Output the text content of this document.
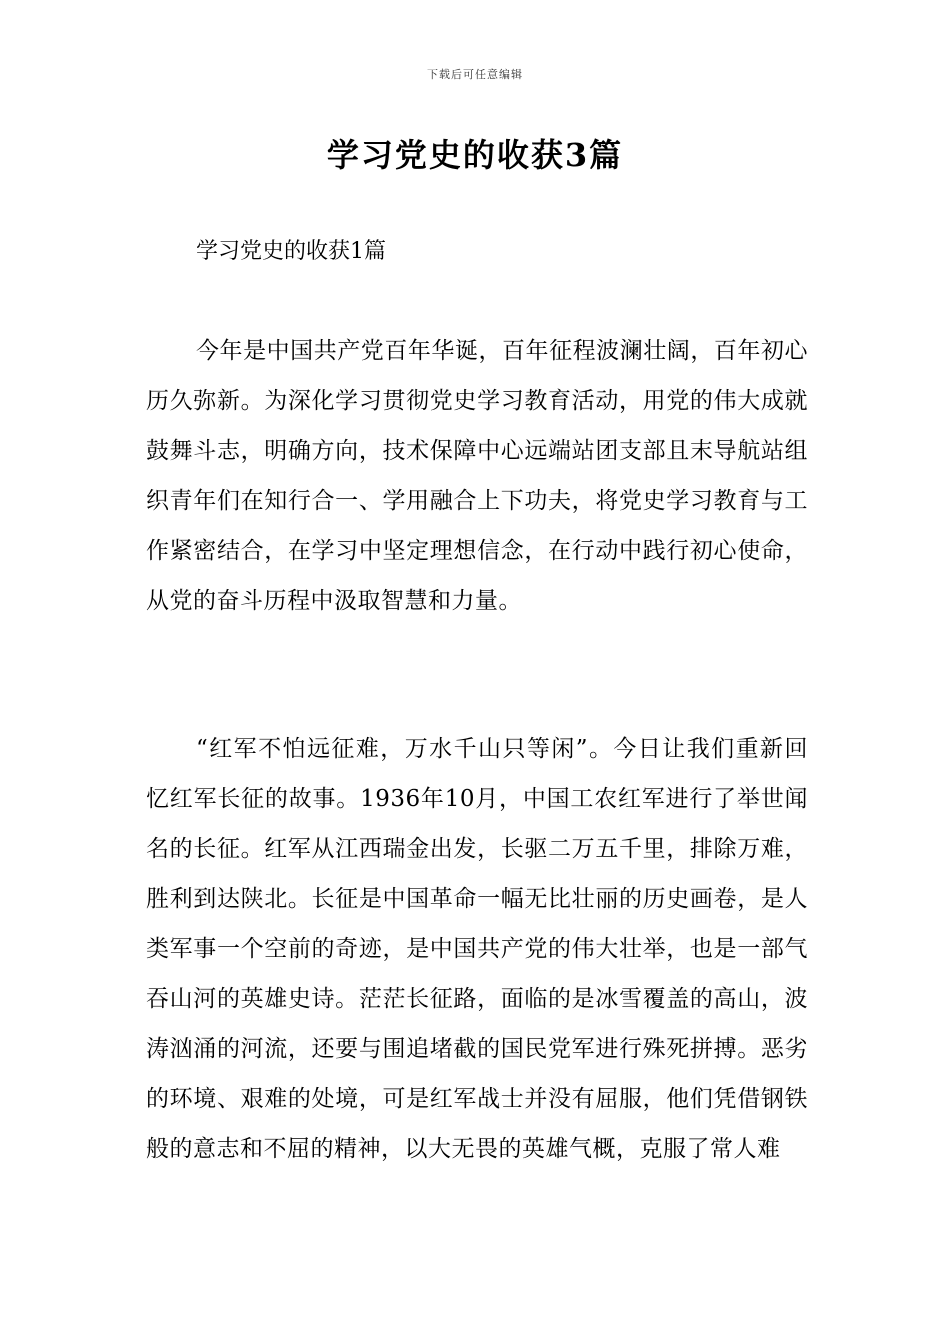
下载后可任意编辑
学习党史的收获3篇
学习党史的收获1篇

今年是中国共产党百年华诞，百年征程波澜壮阔，百年初心历久弥新。为深化学习贯彻党史学习教育活动，用党的伟大成就鼓舞斗志，明确方向，技术保障中心远端站团支部且末导航站组织青年们在知行合一、学用融合上下功夫，将党史学习教育与工作紧密结合，在学习中坚定理想信念，在行动中践行初心使命，从党的奋斗历程中汲取智慧和力量。

“红军不怕远征难，万水千山只等闲”。今日让我们重新回忆红军长征的故事。1936年10月，中国工农红军进行了举世闻名的长征。红军从江西瑞金出发，长驱二万五千里，排除万难，胜利到达陕北。长征是中国革命一幅无比壮丽的历史画卷，是人类军事一个空前的奇迹，是中国共产党的伟大壮举，也是一部气吞山河的英雄史诗。茫茫长征路，面临的是冰雪覆盖的高山，波涛汹涌的河流，还要与围追堵截的国民党军进行殊死拼搏。恶劣的环境、艰难的处境，可是红军战士并没有屈服，他们凭借钢铁般的意志和不屈的精神，以大无畏的英雄气概，克服了常人难
